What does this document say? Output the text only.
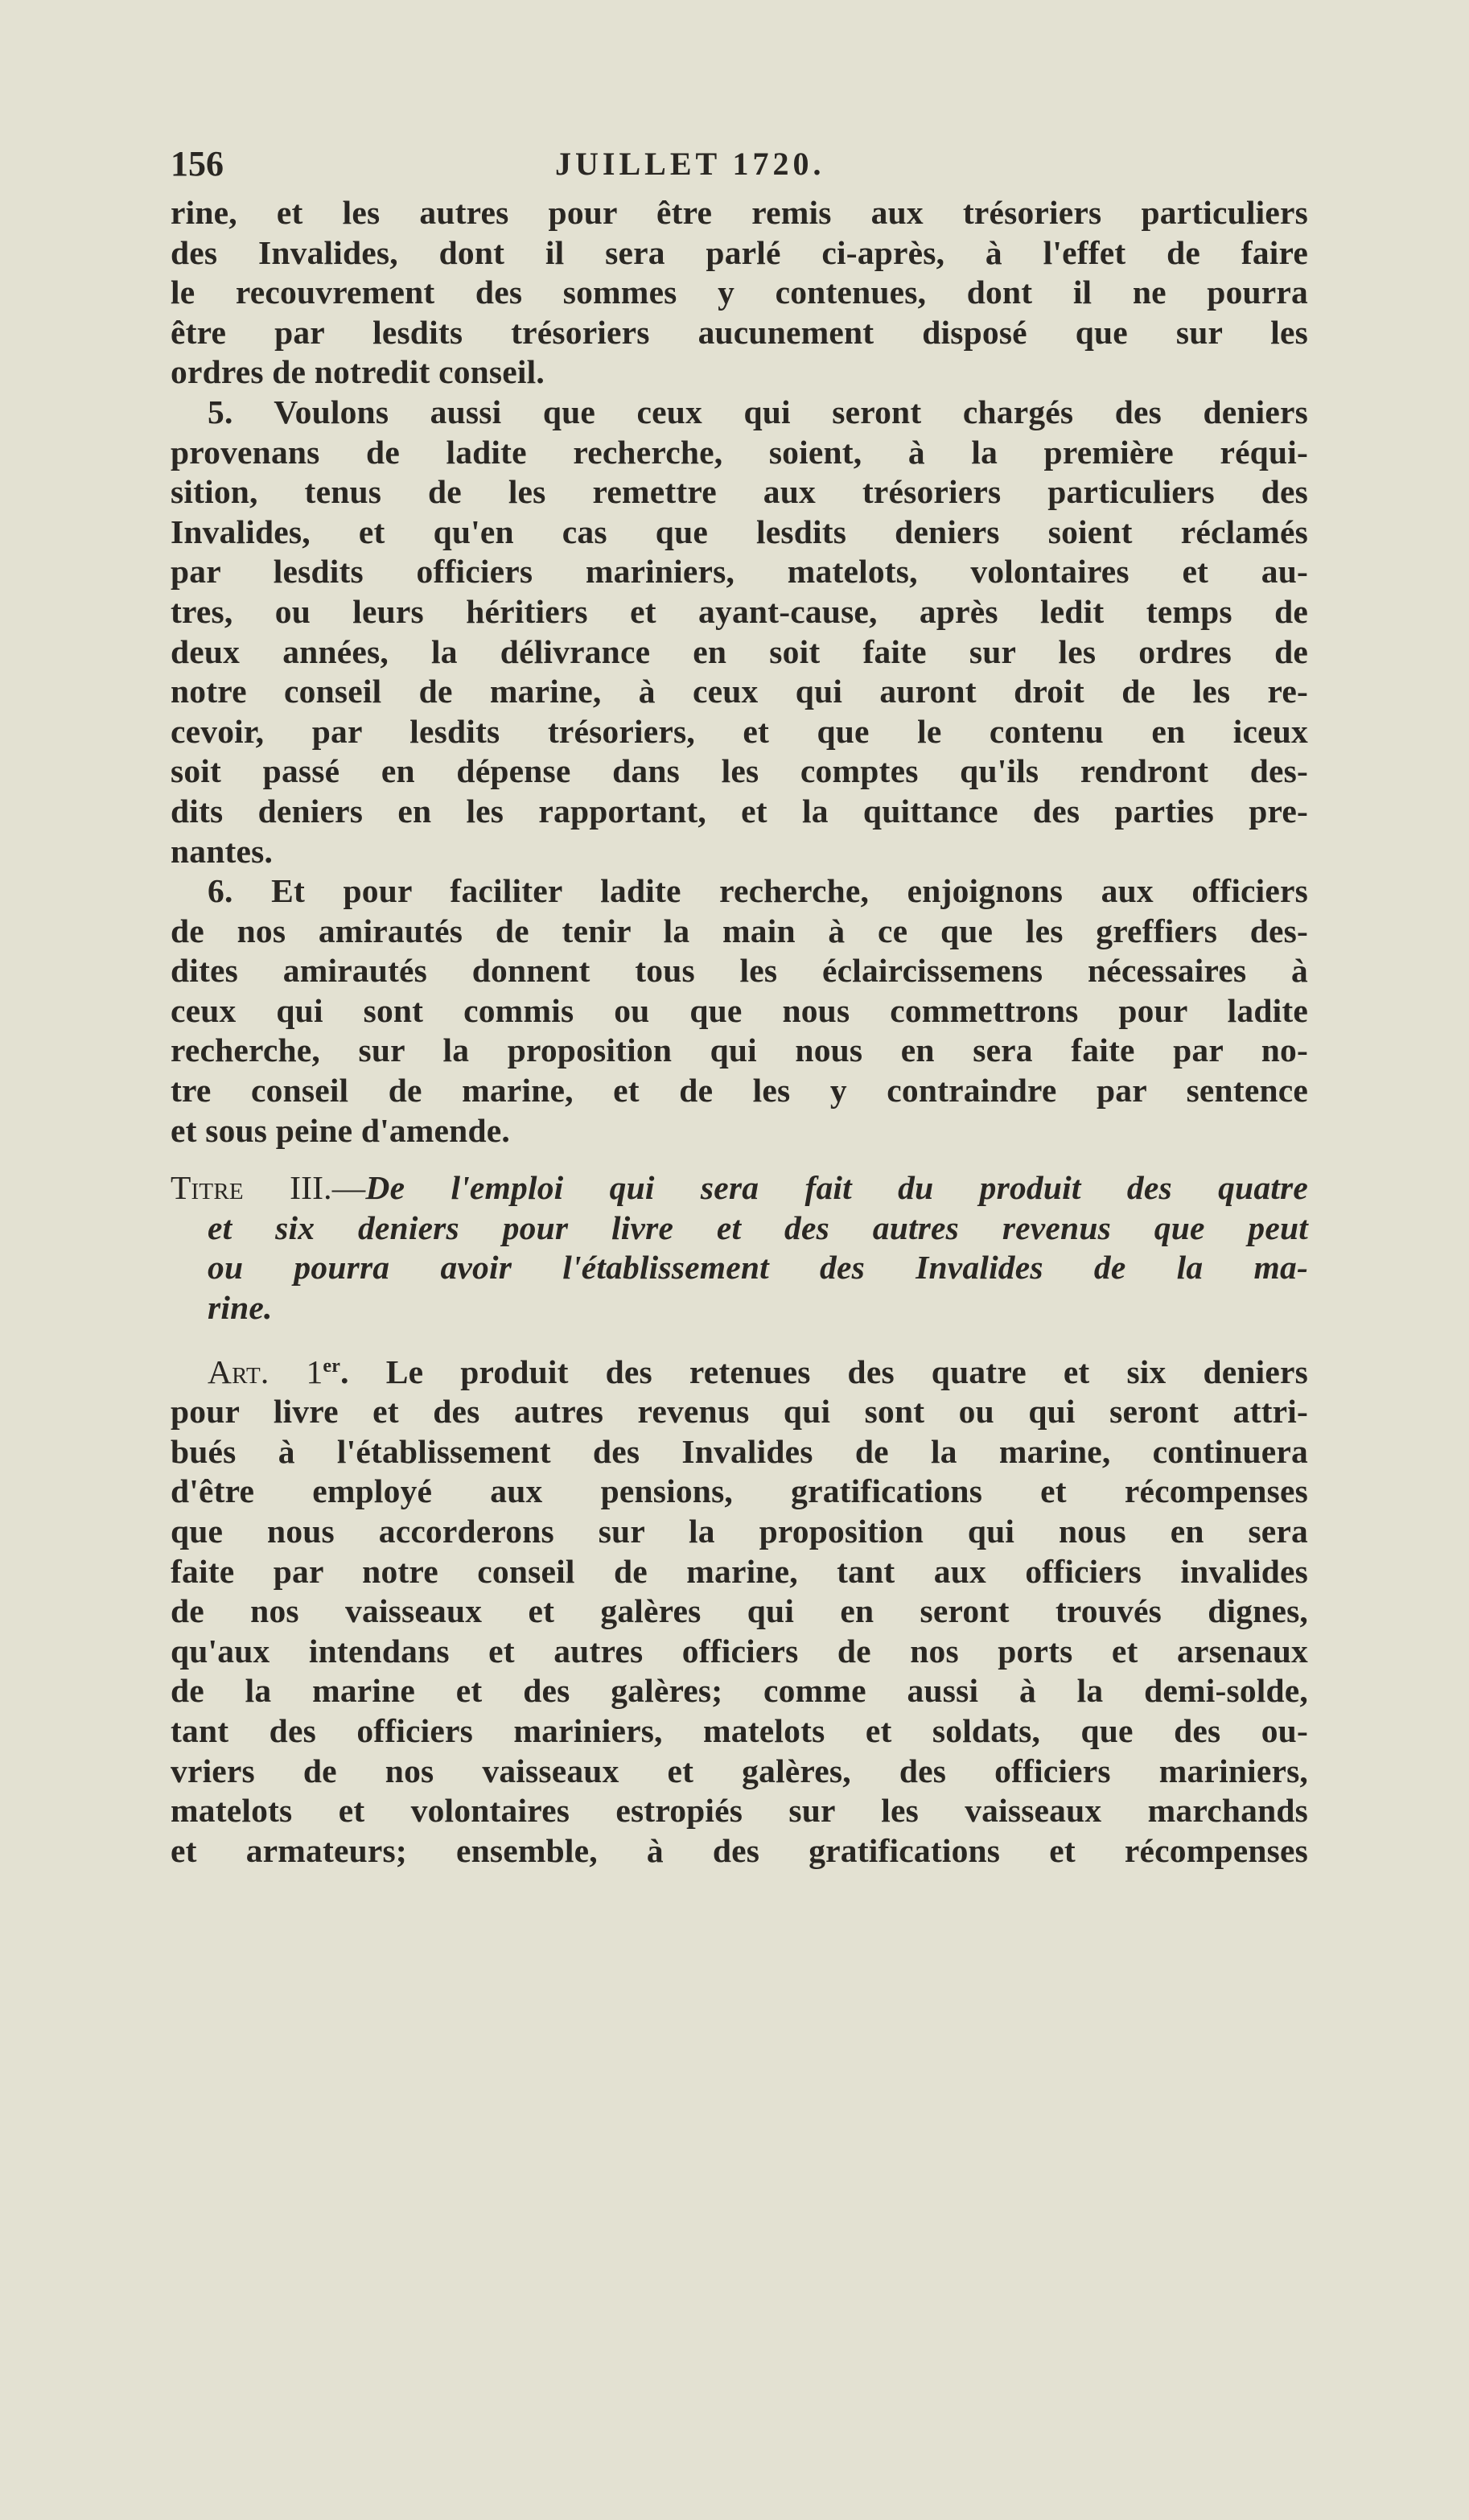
156	JUILLET 1720.
rine, et les autres pour être remis aux trésoriers particuliers
des Invalides, dont il sera parlé ci-après, à l'effet de faire
le recouvrement des sommes y contenues, dont il ne pourra
être par lesdits trésoriers aucunement disposé que sur les
ordres de notredit conseil.
5. Voulons aussi que ceux qui seront chargés des deniers
provenans de ladite recherche, soient, à la première réqui-
sition, tenus de les remettre aux trésoriers particuliers des
Invalides, et qu'en cas que lesdits deniers soient réclamés
par lesdits officiers mariniers, matelots, volontaires et au-
tres, ou leurs héritiers et ayant-cause, après ledit temps de
deux années, la délivrance en soit faite sur les ordres de
notre conseil de marine, à ceux qui auront droit de les re-
cevoir, par lesdits trésoriers, et que le contenu en iceux
soit passé en dépense dans les comptes qu'ils rendront des-
dits deniers en les rapportant, et la quittance des parties pre-
nantes.
6. Et pour faciliter ladite recherche, enjoignons aux officiers
de nos amirautés de tenir la main à ce que les greffiers des-
dites amirautés donnent tous les éclaircissemens nécessaires à
ceux qui sont commis ou que nous commettrons pour ladite
recherche, sur la proposition qui nous en sera faite par no-
tre conseil de marine, et de les y contraindre par sentence
et sous peine d'amende.
Titre III.—De l'emploi qui sera fait du produit des quatre
et six deniers pour livre et des autres revenus que peut
ou pourra avoir l'établissement des Invalides de la ma-
rine.
Art. 1er. Le produit des retenues des quatre et six deniers
pour livre et des autres revenus qui sont ou qui seront attri-
bués à l'établissement des Invalides de la marine, continuera
d'être employé aux pensions, gratifications et récompenses
que nous accorderons sur la proposition qui nous en sera
faite par notre conseil de marine, tant aux officiers invalides
de nos vaisseaux et galères qui en seront trouvés dignes,
qu'aux intendans et autres officiers de nos ports et arsenaux
de la marine et des galères; comme aussi à la demi-solde,
tant des officiers mariniers, matelots et soldats, que des ou-
vriers de nos vaisseaux et galères, des officiers mariniers,
matelots et volontaires estropiés sur les vaisseaux marchands
et armateurs; ensemble, à des gratifications et récompenses
